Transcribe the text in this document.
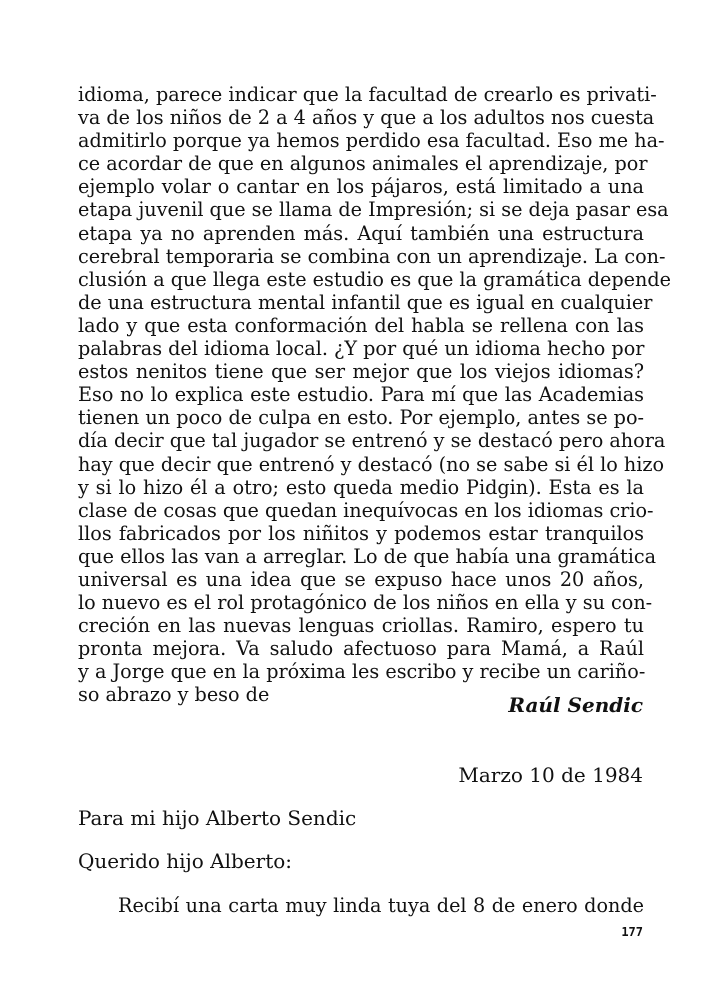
idioma, parece indicar que la facultad de crearlo es privati-
va de los niños de 2 a 4 años y que a los adultos nos cuesta
admitirlo porque ya hemos perdido esa facultad. Eso me ha-
ce acordar de que en algunos animales el aprendizaje, por
ejemplo volar o cantar en los pájaros, está limitado a una
etapa juvenil que se llama de Impresión; si se deja pasar esa
etapa ya no aprenden más. Aquí también una estructura
cerebral temporaria se combina con un aprendizaje. La con-
clusión a que llega este estudio es que la gramática depende
de una estructura mental infantil que es igual en cualquier
lado y que esta conformación del habla se rellena con las
palabras del idioma local. ¿Y por qué un idioma hecho por
estos nenitos tiene que ser mejor que los viejos idiomas?
Eso no lo explica este estudio. Para mí que las Academias
tienen un poco de culpa en esto. Por ejemplo, antes se po-
día decir que tal jugador se entrenó y se destacó pero ahora
hay que decir que entrenó y destacó (no se sabe si él lo hizo
y si lo hizo él a otro; esto queda medio Pidgin). Esta es la
clase de cosas que quedan inequívocas en los idiomas crio-
llos fabricados por los niñitos y podemos estar tranquilos
que ellos las van a arreglar. Lo de que había una gramática
universal es una idea que se expuso hace unos 20 años,
lo nuevo es el rol protagónico de los niños en ella y su con-
creción en las nuevas lenguas criollas. Ramiro, espero tu
pronta mejora. Va saludo afectuoso para Mamá, a Raúl
y a Jorge que en la próxima les escribo y recibe un cariño-
so abrazo y beso de	Raúl Sendic

Marzo 10 de 1984

Para mi hijo Alberto Sendic

Querido hijo Alberto:

Recibí una carta muy linda tuya del 8 de enero donde

177
